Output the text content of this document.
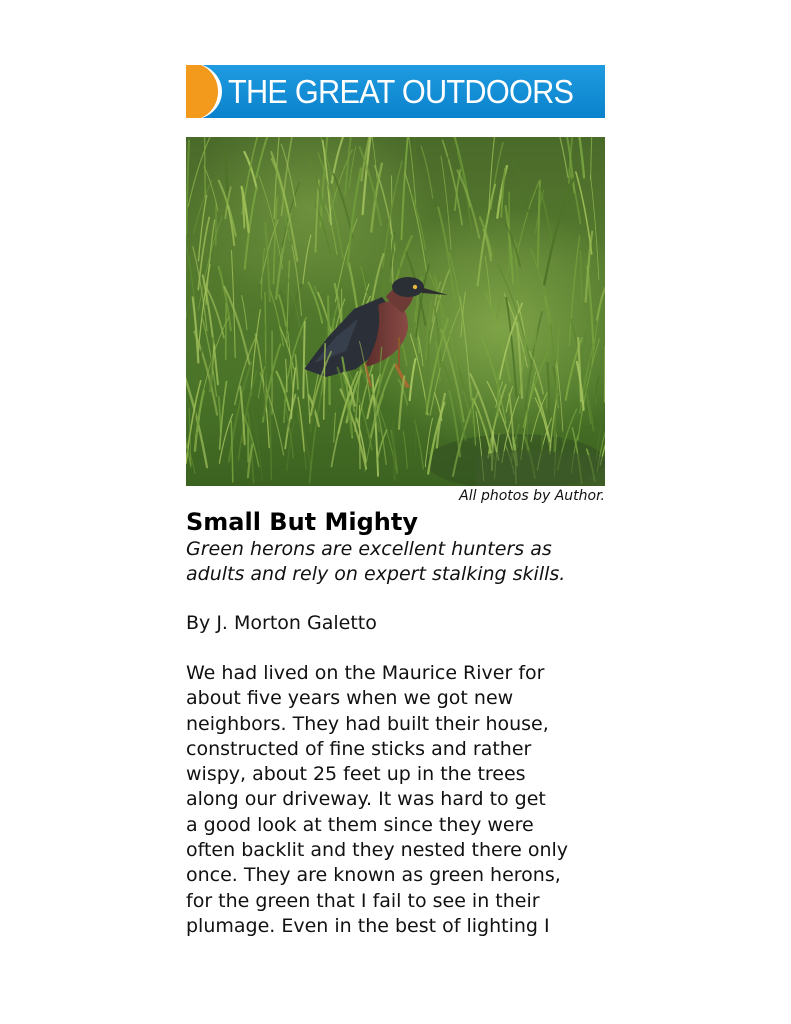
THE GREAT OUTDOORS
All photos by Author.
Small But Mighty
Green herons are excellent hunters as
adults and rely on expert stalking skills.
By J. Morton Galetto
We had lived on the Maurice River for
about five years when we got new
neighbors. They had built their house,
constructed of fine sticks and rather
wispy, about 25 feet up in the trees
along our driveway. It was hard to get
a good look at them since they were
often backlit and they nested there only
once. They are known as green herons,
for the green that I fail to see in their
plumage. Even in the best of lighting I
